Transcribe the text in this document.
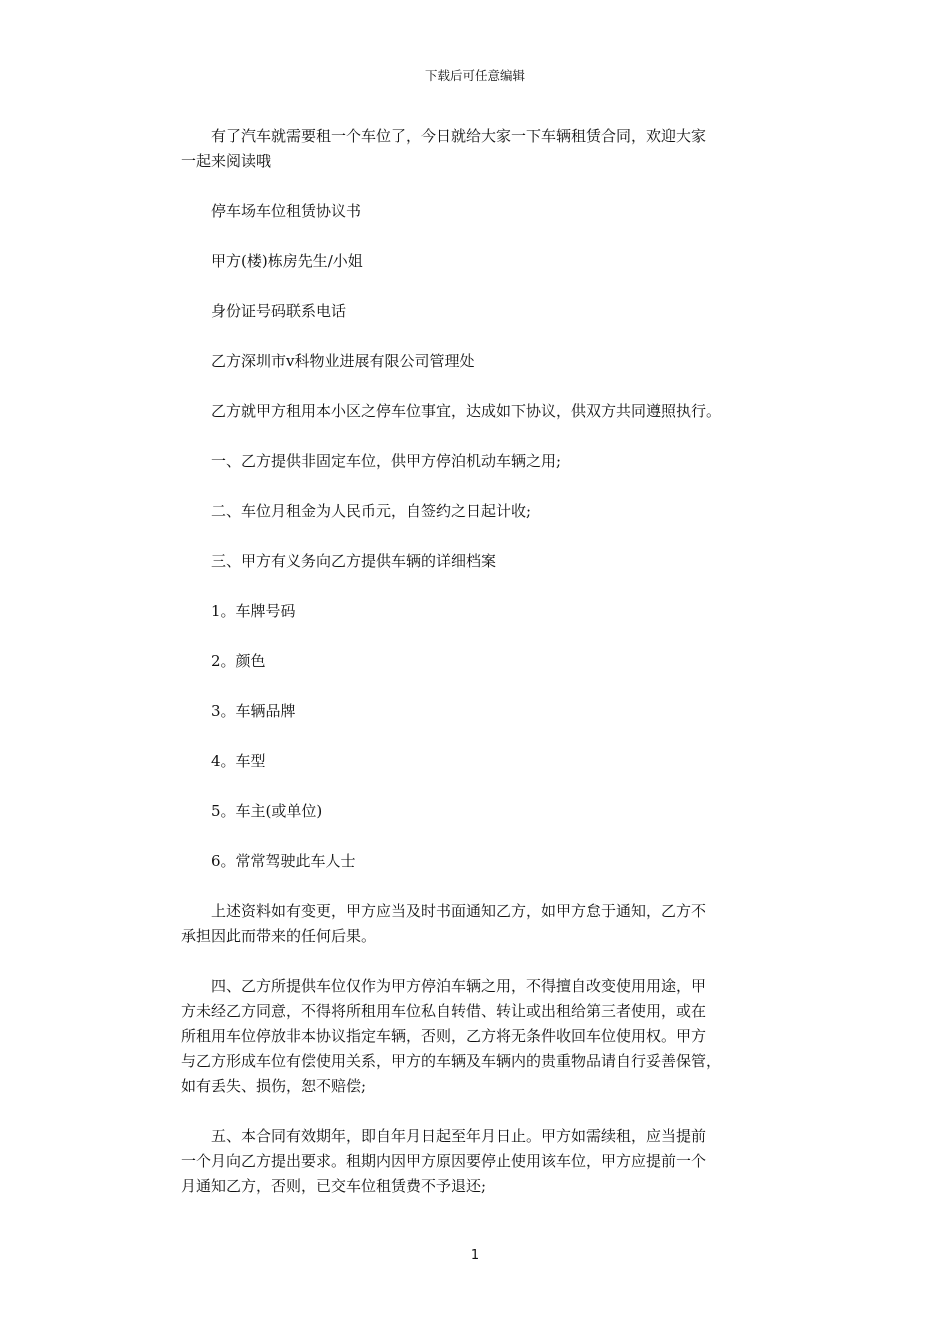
下载后可任意编辑

有了汽车就需要租一个车位了，今日就给大家一下车辆租赁合同，欢迎大家
一起来阅读哦

停车场车位租赁协议书

甲方(楼)栋房先生/小姐

身份证号码联系电话

乙方深圳市v科物业进展有限公司管理处

乙方就甲方租用本小区之停车位事宜，达成如下协议，供双方共同遵照执行。

一、乙方提供非固定车位，供甲方停泊机动车辆之用;

二、车位月租金为人民币元，自签约之日起计收;

三、甲方有义务向乙方提供车辆的详细档案

1。车牌号码

2。颜色

3。车辆品牌

4。车型

5。车主(或单位)

6。常常驾驶此车人士

上述资料如有变更，甲方应当及时书面通知乙方，如甲方怠于通知，乙方不
承担因此而带来的任何后果。

四、乙方所提供车位仅作为甲方停泊车辆之用，不得擅自改变使用用途，甲
方未经乙方同意，不得将所租用车位私自转借、转让或出租给第三者使用，或在
所租用车位停放非本协议指定车辆，否则，乙方将无条件收回车位使用权。甲方
与乙方形成车位有偿使用关系，甲方的车辆及车辆内的贵重物品请自行妥善保管，
如有丢失、损伤，恕不赔偿;

五、本合同有效期年，即自年月日起至年月日止。甲方如需续租，应当提前
一个月向乙方提出要求。租期内因甲方原因要停止使用该车位，甲方应提前一个
月通知乙方，否则，已交车位租赁费不予退还;

1
